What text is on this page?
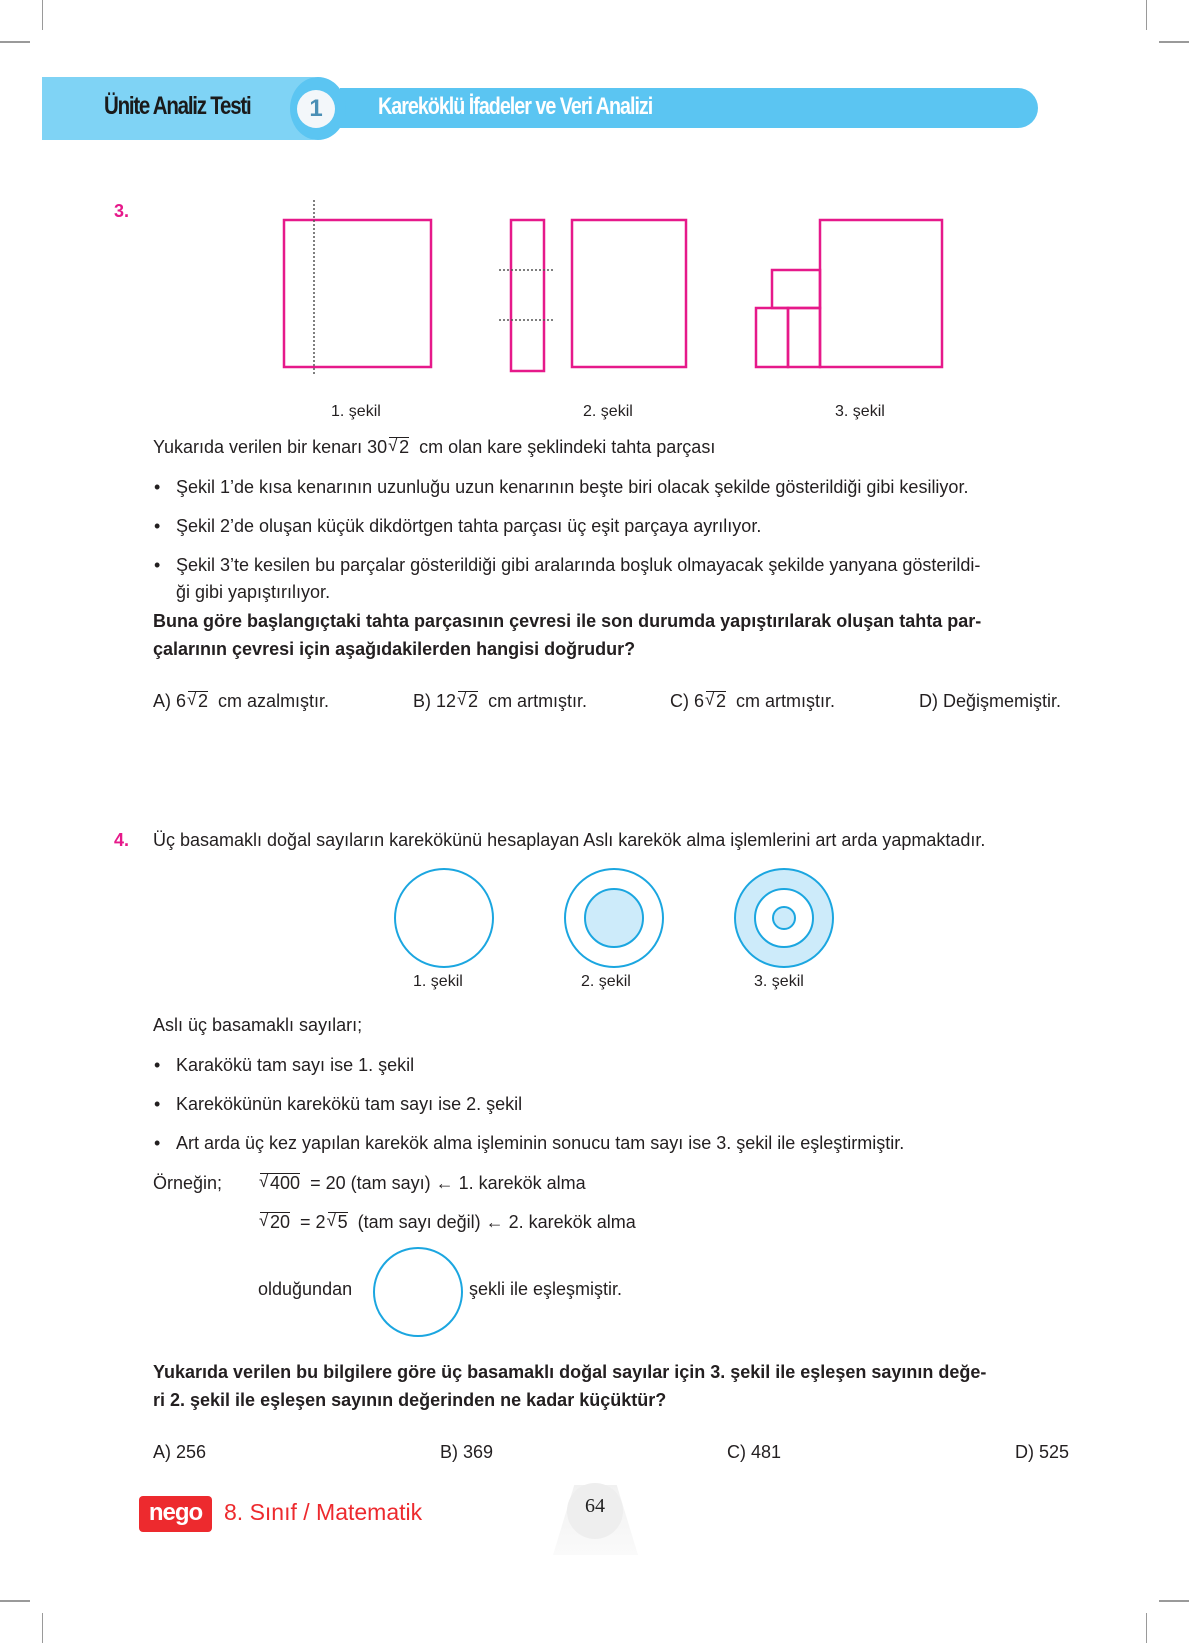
Ünite Analiz Testi	1	Kareköklü İfadeler ve Veri Analizi
3.
1. şekil	2. şekil	3. şekil
Yukarıda verilen bir kenarı 30 √ 2 cm olan kare şeklindeki tahta parçası
• Şekil 1’de kısa kenarının uzunluğu uzun kenarının beşte biri olacak şekilde gösterildiği gibi kesiliyor.
• Şekil 2’de oluşan küçük dikdörtgen tahta parçası üç eşit parçaya ayrılıyor.
• Şekil 3’te kesilen bu parçalar gösterildiği gibi aralarında boşluk olmayacak şekilde yanyana gösterildi-
ği gibi yapıştırılıyor.
Buna göre başlangıçtaki tahta parçasının çevresi ile son durumda yapıştırılarak oluşan tahta par-
çalarının çevresi için aşağıdakilerden hangisi doğrudur?
A) 6 √ 2 cm azalmıştır.	B) 12 √ 2 cm artmıştır.	C) 6 √ 2 cm artmıştır.	D) Değişmemiştir.
4. Üç basamaklı doğal sayıların karekökünü hesaplayan Aslı karekök alma işlemlerini art arda yapmaktadır.
1. şekil	2. şekil	3. şekil
Aslı üç basamaklı sayıları;
• Karakökü tam sayı ise 1. şekil
• Karekökünün karekökü tam sayı ise 2. şekil
• Art arda üç kez yapılan karekök alma işleminin sonucu tam sayı ise 3. şekil ile eşleştirmiştir.
Örneğin;	√ 400 = 20 (tam sayı) ← 1. karekök alma
√ 20 = 2 √ 5 (tam sayı değil) ← 2. karekök alma
olduğundan	şekli ile eşleşmiştir.
Yukarıda verilen bu bilgilere göre üç basamaklı doğal sayılar için 3. şekil ile eşleşen sayının değe-
ri 2. şekil ile eşleşen sayının değerinden ne kadar küçüktür?
A) 256	B) 369	C) 481	D) 525
nego 8. Sınıf / Matematik	64
